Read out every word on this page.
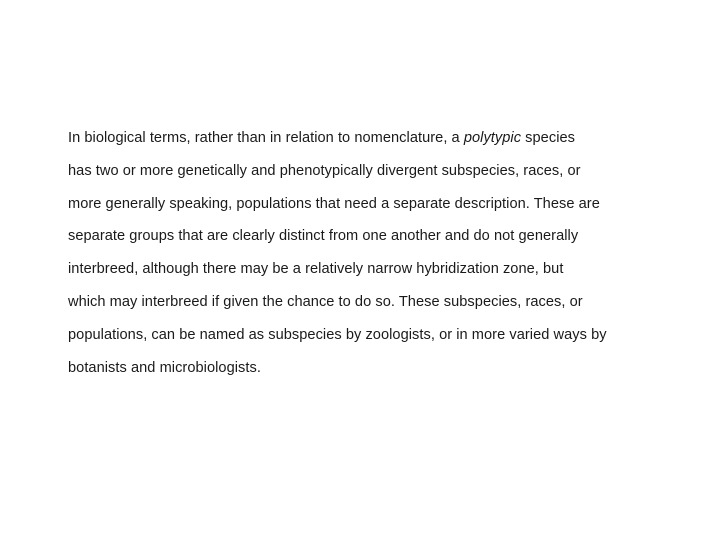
In biological terms, rather than in relation to nomenclature, a polytypic species
has two or more genetically and phenotypically divergent subspecies, races, or
more generally speaking, populations that need a separate description. These are
separate groups that are clearly distinct from one another and do not generally
interbreed, although there may be a relatively narrow hybridization zone, but
which may interbreed if given the chance to do so. These subspecies, races, or
populations, can be named as subspecies by zoologists, or in more varied ways by
botanists and microbiologists.
